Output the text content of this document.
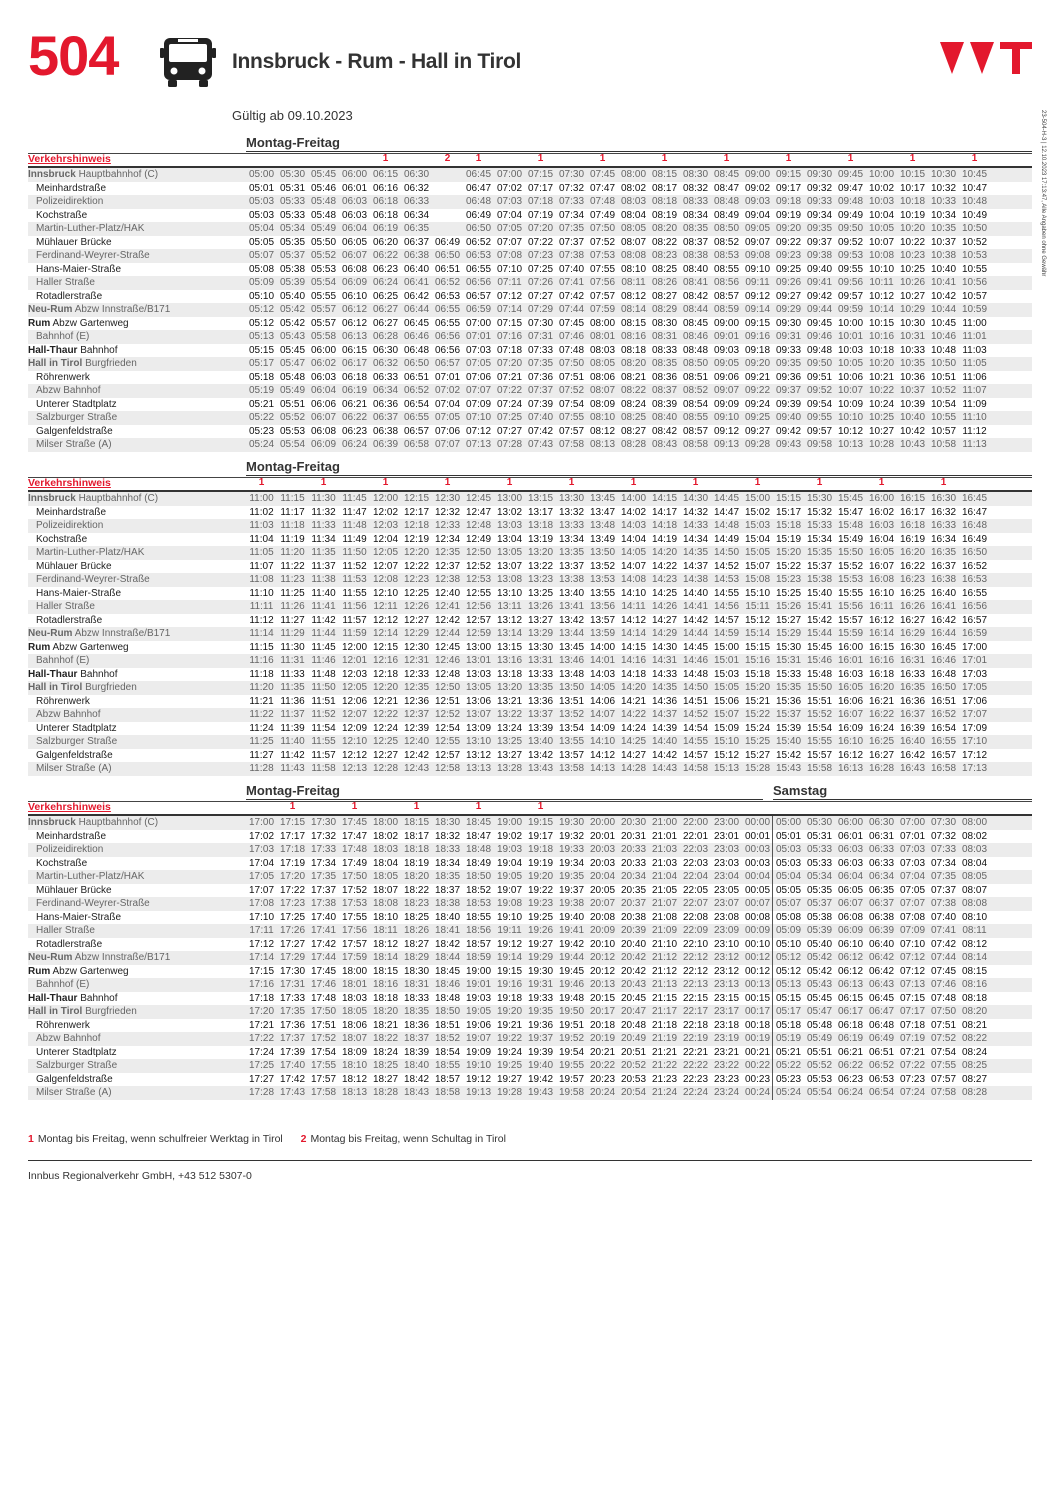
504	Innsbruck - Rum - Hall in Tirol
Gültig ab 09.10.2023	23-504-H-3 | 12.10.2023 17:13:47, Alle Angaben ohne Gewähr
Montag-Freitag
Verkehrshinweis	1	2	1	1	1	1	1	1	1	1	1
Innsbruck Hauptbahnhof (C)	05:00 05:30 05:45 06:00 06:15 06:30	06:45 07:00 07:15 07:30 07:45 08:00 08:15 08:30 08:45 09:00 09:15 09:30 09:45 10:00 10:15 10:30 10:45
Meinhardstraße	05:01 05:31 05:46 06:01 06:16 06:32	06:47 07:02 07:17 07:32 07:47 08:02 08:17 08:32 08:47 09:02 09:17 09:32 09:47 10:02 10:17 10:32 10:47
Polizeidirektion	05:03 05:33 05:48 06:03 06:18 06:33	06:48 07:03 07:18 07:33 07:48 08:03 08:18 08:33 08:48 09:03 09:18 09:33 09:48 10:03 10:18 10:33 10:48
Kochstraße	05:03 05:33 05:48 06:03 06:18 06:34	06:49 07:04 07:19 07:34 07:49 08:04 08:19 08:34 08:49 09:04 09:19 09:34 09:49 10:04 10:19 10:34 10:49
Martin-Luther-Platz/HAK	05:04 05:34 05:49 06:04 06:19 06:35	06:50 07:05 07:20 07:35 07:50 08:05 08:20 08:35 08:50 09:05 09:20 09:35 09:50 10:05 10:20 10:35 10:50
Mühlauer Brücke	05:05 05:35 05:50 06:05 06:20 06:37 06:49 06:52 07:07 07:22 07:37 07:52 08:07 08:22 08:37 08:52 09:07 09:22 09:37 09:52 10:07 10:22 10:37 10:52
Ferdinand-Weyrer-Straße	05:07 05:37 05:52 06:07 06:22 06:38 06:50 06:53 07:08 07:23 07:38 07:53 08:08 08:23 08:38 08:53 09:08 09:23 09:38 09:53 10:08 10:23 10:38 10:53
Hans-Maier-Straße	05:08 05:38 05:53 06:08 06:23 06:40 06:51 06:55 07:10 07:25 07:40 07:55 08:10 08:25 08:40 08:55 09:10 09:25 09:40 09:55 10:10 10:25 10:40 10:55
Haller Straße	05:09 05:39 05:54 06:09 06:24 06:41 06:52 06:56 07:11 07:26 07:41 07:56 08:11 08:26 08:41 08:56 09:11 09:26 09:41 09:56 10:11 10:26 10:41 10:56
Rotadlerstraße	05:10 05:40 05:55 06:10 06:25 06:42 06:53 06:57 07:12 07:27 07:42 07:57 08:12 08:27 08:42 08:57 09:12 09:27 09:42 09:57 10:12 10:27 10:42 10:57
Neu-Rum Abzw Innstraße/B171	05:12 05:42 05:57 06:12 06:27 06:44 06:55 06:59 07:14 07:29 07:44 07:59 08:14 08:29 08:44 08:59 09:14 09:29 09:44 09:59 10:14 10:29 10:44 10:59
Rum Abzw Gartenweg	05:12 05:42 05:57 06:12 06:27 06:45 06:55 07:00 07:15 07:30 07:45 08:00 08:15 08:30 08:45 09:00 09:15 09:30 09:45 10:00 10:15 10:30 10:45 11:00
Bahnhof (E)	05:13 05:43 05:58 06:13 06:28 06:46 06:56 07:01 07:16 07:31 07:46 08:01 08:16 08:31 08:46 09:01 09:16 09:31 09:46 10:01 10:16 10:31 10:46 11:01
Hall-Thaur Bahnhof	05:15 05:45 06:00 06:15 06:30 06:48 06:56 07:03 07:18 07:33 07:48 08:03 08:18 08:33 08:48 09:03 09:18 09:33 09:48 10:03 10:18 10:33 10:48 11:03
Hall in Tirol Burgfrieden	05:17 05:47 06:02 06:17 06:32 06:50 06:57 07:05 07:20 07:35 07:50 08:05 08:20 08:35 08:50 09:05 09:20 09:35 09:50 10:05 10:20 10:35 10:50 11:05
Röhrenwerk	05:18 05:48 06:03 06:18 06:33 06:51 07:01 07:06 07:21 07:36 07:51 08:06 08:21 08:36 08:51 09:06 09:21 09:36 09:51 10:06 10:21 10:36 10:51 11:06
Abzw Bahnhof	05:19 05:49 06:04 06:19 06:34 06:52 07:02 07:07 07:22 07:37 07:52 08:07 08:22 08:37 08:52 09:07 09:22 09:37 09:52 10:07 10:22 10:37 10:52 11:07
Unterer Stadtplatz	05:21 05:51 06:06 06:21 06:36 06:54 07:04 07:09 07:24 07:39 07:54 08:09 08:24 08:39 08:54 09:09 09:24 09:39 09:54 10:09 10:24 10:39 10:54 11:09
Salzburger Straße	05:22 05:52 06:07 06:22 06:37 06:55 07:05 07:10 07:25 07:40 07:55 08:10 08:25 08:40 08:55 09:10 09:25 09:40 09:55 10:10 10:25 10:40 10:55 11:10
Galgenfeldstraße	05:23 05:53 06:08 06:23 06:38 06:57 07:06 07:12 07:27 07:42 07:57 08:12 08:27 08:42 08:57 09:12 09:27 09:42 09:57 10:12 10:27 10:42 10:57 11:12
Milser Straße (A)	05:24 05:54 06:09 06:24 06:39 06:58 07:07 07:13 07:28 07:43 07:58 08:13 08:28 08:43 08:58 09:13 09:28 09:43 09:58 10:13 10:28 10:43 10:58 11:13
Montag-Freitag
Verkehrshinweis	1	1	1	1	1	1	1	1	1	1	1	1
Innsbruck Hauptbahnhof (C)	11:00 11:15 11:30 11:45 12:00 12:15 12:30 12:45 13:00 13:15 13:30 13:45 14:00 14:15 14:30 14:45 15:00 15:15 15:30 15:45 16:00 16:15 16:30 16:45
Meinhardstraße	11:02 11:17 11:32 11:47 12:02 12:17 12:32 12:47 13:02 13:17 13:32 13:47 14:02 14:17 14:32 14:47 15:02 15:17 15:32 15:47 16:02 16:17 16:32 16:47
Polizeidirektion	11:03 11:18 11:33 11:48 12:03 12:18 12:33 12:48 13:03 13:18 13:33 13:48 14:03 14:18 14:33 14:48 15:03 15:18 15:33 15:48 16:03 16:18 16:33 16:48
Kochstraße	11:04 11:19 11:34 11:49 12:04 12:19 12:34 12:49 13:04 13:19 13:34 13:49 14:04 14:19 14:34 14:49 15:04 15:19 15:34 15:49 16:04 16:19 16:34 16:49
Martin-Luther-Platz/HAK	11:05 11:20 11:35 11:50 12:05 12:20 12:35 12:50 13:05 13:20 13:35 13:50 14:05 14:20 14:35 14:50 15:05 15:20 15:35 15:50 16:05 16:20 16:35 16:50
Mühlauer Brücke	11:07 11:22 11:37 11:52 12:07 12:22 12:37 12:52 13:07 13:22 13:37 13:52 14:07 14:22 14:37 14:52 15:07 15:22 15:37 15:52 16:07 16:22 16:37 16:52
Ferdinand-Weyrer-Straße	11:08 11:23 11:38 11:53 12:08 12:23 12:38 12:53 13:08 13:23 13:38 13:53 14:08 14:23 14:38 14:53 15:08 15:23 15:38 15:53 16:08 16:23 16:38 16:53
Hans-Maier-Straße	11:10 11:25 11:40 11:55 12:10 12:25 12:40 12:55 13:10 13:25 13:40 13:55 14:10 14:25 14:40 14:55 15:10 15:25 15:40 15:55 16:10 16:25 16:40 16:55
Haller Straße	11:11 11:26 11:41 11:56 12:11 12:26 12:41 12:56 13:11 13:26 13:41 13:56 14:11 14:26 14:41 14:56 15:11 15:26 15:41 15:56 16:11 16:26 16:41 16:56
Rotadlerstraße	11:12 11:27 11:42 11:57 12:12 12:27 12:42 12:57 13:12 13:27 13:42 13:57 14:12 14:27 14:42 14:57 15:12 15:27 15:42 15:57 16:12 16:27 16:42 16:57
Neu-Rum Abzw Innstraße/B171	11:14 11:29 11:44 11:59 12:14 12:29 12:44 12:59 13:14 13:29 13:44 13:59 14:14 14:29 14:44 14:59 15:14 15:29 15:44 15:59 16:14 16:29 16:44 16:59
Rum Abzw Gartenweg	11:15 11:30 11:45 12:00 12:15 12:30 12:45 13:00 13:15 13:30 13:45 14:00 14:15 14:30 14:45 15:00 15:15 15:30 15:45 16:00 16:15 16:30 16:45 17:00
Bahnhof (E)	11:16 11:31 11:46 12:01 12:16 12:31 12:46 13:01 13:16 13:31 13:46 14:01 14:16 14:31 14:46 15:01 15:16 15:31 15:46 16:01 16:16 16:31 16:46 17:01
Hall-Thaur Bahnhof	11:18 11:33 11:48 12:03 12:18 12:33 12:48 13:03 13:18 13:33 13:48 14:03 14:18 14:33 14:48 15:03 15:18 15:33 15:48 16:03 16:18 16:33 16:48 17:03
Hall in Tirol Burgfrieden	11:20 11:35 11:50 12:05 12:20 12:35 12:50 13:05 13:20 13:35 13:50 14:05 14:20 14:35 14:50 15:05 15:20 15:35 15:50 16:05 16:20 16:35 16:50 17:05
Röhrenwerk	11:21 11:36 11:51 12:06 12:21 12:36 12:51 13:06 13:21 13:36 13:51 14:06 14:21 14:36 14:51 15:06 15:21 15:36 15:51 16:06 16:21 16:36 16:51 17:06
Abzw Bahnhof	11:22 11:37 11:52 12:07 12:22 12:37 12:52 13:07 13:22 13:37 13:52 14:07 14:22 14:37 14:52 15:07 15:22 15:37 15:52 16:07 16:22 16:37 16:52 17:07
Unterer Stadtplatz	11:24 11:39 11:54 12:09 12:24 12:39 12:54 13:09 13:24 13:39 13:54 14:09 14:24 14:39 14:54 15:09 15:24 15:39 15:54 16:09 16:24 16:39 16:54 17:09
Salzburger Straße	11:25 11:40 11:55 12:10 12:25 12:40 12:55 13:10 13:25 13:40 13:55 14:10 14:25 14:40 14:55 15:10 15:25 15:40 15:55 16:10 16:25 16:40 16:55 17:10
Galgenfeldstraße	11:27 11:42 11:57 12:12 12:27 12:42 12:57 13:12 13:27 13:42 13:57 14:12 14:27 14:42 14:57 15:12 15:27 15:42 15:57 16:12 16:27 16:42 16:57 17:12
Milser Straße (A)	11:28 11:43 11:58 12:13 12:28 12:43 12:58 13:13 13:28 13:43 13:58 14:13 14:28 14:43 14:58 15:13 15:28 15:43 15:58 16:13 16:28 16:43 16:58 17:13
Montag-Freitag	Samstag
Verkehrshinweis	1	1	1	1	1
Innsbruck Hauptbahnhof (C)	17:00 17:15 17:30 17:45 18:00 18:15 18:30 18:45 19:00 19:15 19:30 20:00 20:30 21:00 22:00 23:00 00:00 05:00 05:30 06:00 06:30 07:00 07:30 08:00
Meinhardstraße	17:02 17:17 17:32 17:47 18:02 18:17 18:32 18:47 19:02 19:17 19:32 20:01 20:31 21:01 22:01 23:01 00:01 05:01 05:31 06:01 06:31 07:01 07:32 08:02
Polizeidirektion	17:03 17:18 17:33 17:48 18:03 18:18 18:33 18:48 19:03 19:18 19:33 20:03 20:33 21:03 22:03 23:03 00:03 05:03 05:33 06:03 06:33 07:03 07:33 08:03
Kochstraße	17:04 17:19 17:34 17:49 18:04 18:19 18:34 18:49 19:04 19:19 19:34 20:03 20:33 21:03 22:03 23:03 00:03 05:03 05:33 06:03 06:33 07:03 07:34 08:04
Martin-Luther-Platz/HAK	17:05 17:20 17:35 17:50 18:05 18:20 18:35 18:50 19:05 19:20 19:35 20:04 20:34 21:04 22:04 23:04 00:04 05:04 05:34 06:04 06:34 07:04 07:35 08:05
Mühlauer Brücke	17:07 17:22 17:37 17:52 18:07 18:22 18:37 18:52 19:07 19:22 19:37 20:05 20:35 21:05 22:05 23:05 00:05 05:05 05:35 06:05 06:35 07:05 07:37 08:07
Ferdinand-Weyrer-Straße	17:08 17:23 17:38 17:53 18:08 18:23 18:38 18:53 19:08 19:23 19:38 20:07 20:37 21:07 22:07 23:07 00:07 05:07 05:37 06:07 06:37 07:07 07:38 08:08
Hans-Maier-Straße	17:10 17:25 17:40 17:55 18:10 18:25 18:40 18:55 19:10 19:25 19:40 20:08 20:38 21:08 22:08 23:08 00:08 05:08 05:38 06:08 06:38 07:08 07:40 08:10
Haller Straße	17:11 17:26 17:41 17:56 18:11 18:26 18:41 18:56 19:11 19:26 19:41 20:09 20:39 21:09 22:09 23:09 00:09 05:09 05:39 06:09 06:39 07:09 07:41 08:11
Rotadlerstraße	17:12 17:27 17:42 17:57 18:12 18:27 18:42 18:57 19:12 19:27 19:42 20:10 20:40 21:10 22:10 23:10 00:10 05:10 05:40 06:10 06:40 07:10 07:42 08:12
Neu-Rum Abzw Innstraße/B171	17:14 17:29 17:44 17:59 18:14 18:29 18:44 18:59 19:14 19:29 19:44 20:12 20:42 21:12 22:12 23:12 00:12 05:12 05:42 06:12 06:42 07:12 07:44 08:14
Rum Abzw Gartenweg	17:15 17:30 17:45 18:00 18:15 18:30 18:45 19:00 19:15 19:30 19:45 20:12 20:42 21:12 22:12 23:12 00:12 05:12 05:42 06:12 06:42 07:12 07:45 08:15
Bahnhof (E)	17:16 17:31 17:46 18:01 18:16 18:31 18:46 19:01 19:16 19:31 19:46 20:13 20:43 21:13 22:13 23:13 00:13 05:13 05:43 06:13 06:43 07:13 07:46 08:16
Hall-Thaur Bahnhof	17:18 17:33 17:48 18:03 18:18 18:33 18:48 19:03 19:18 19:33 19:48 20:15 20:45 21:15 22:15 23:15 00:15 05:15 05:45 06:15 06:45 07:15 07:48 08:18
Hall in Tirol Burgfrieden	17:20 17:35 17:50 18:05 18:20 18:35 18:50 19:05 19:20 19:35 19:50 20:17 20:47 21:17 22:17 23:17 00:17 05:17 05:47 06:17 06:47 07:17 07:50 08:20
Röhrenwerk	17:21 17:36 17:51 18:06 18:21 18:36 18:51 19:06 19:21 19:36 19:51 20:18 20:48 21:18 22:18 23:18 00:18 05:18 05:48 06:18 06:48 07:18 07:51 08:21
Abzw Bahnhof	17:22 17:37 17:52 18:07 18:22 18:37 18:52 19:07 19:22 19:37 19:52 20:19 20:49 21:19 22:19 23:19 00:19 05:19 05:49 06:19 06:49 07:19 07:52 08:22
Unterer Stadtplatz	17:24 17:39 17:54 18:09 18:24 18:39 18:54 19:09 19:24 19:39 19:54 20:21 20:51 21:21 22:21 23:21 00:21 05:21 05:51 06:21 06:51 07:21 07:54 08:24
Salzburger Straße	17:25 17:40 17:55 18:10 18:25 18:40 18:55 19:10 19:25 19:40 19:55 20:22 20:52 21:22 22:22 23:22 00:22 05:22 05:52 06:22 06:52 07:22 07:55 08:25
Galgenfeldstraße	17:27 17:42 17:57 18:12 18:27 18:42 18:57 19:12 19:27 19:42 19:57 20:23 20:53 21:23 22:23 23:23 00:23 05:23 05:53 06:23 06:53 07:23 07:57 08:27
Milser Straße (A)	17:28 17:43 17:58 18:13 18:28 18:43 18:58 19:13 19:28 19:43 19:58 20:24 20:54 21:24 22:24 23:24 00:24 05:24 05:54 06:24 06:54 07:24 07:58 08:28
1 Montag bis Freitag, wenn schulfreier Werktag in Tirol 2 Montag bis Freitag, wenn Schultag in Tirol
Innbus Regionalverkehr GmbH, +43 512 5307-0
